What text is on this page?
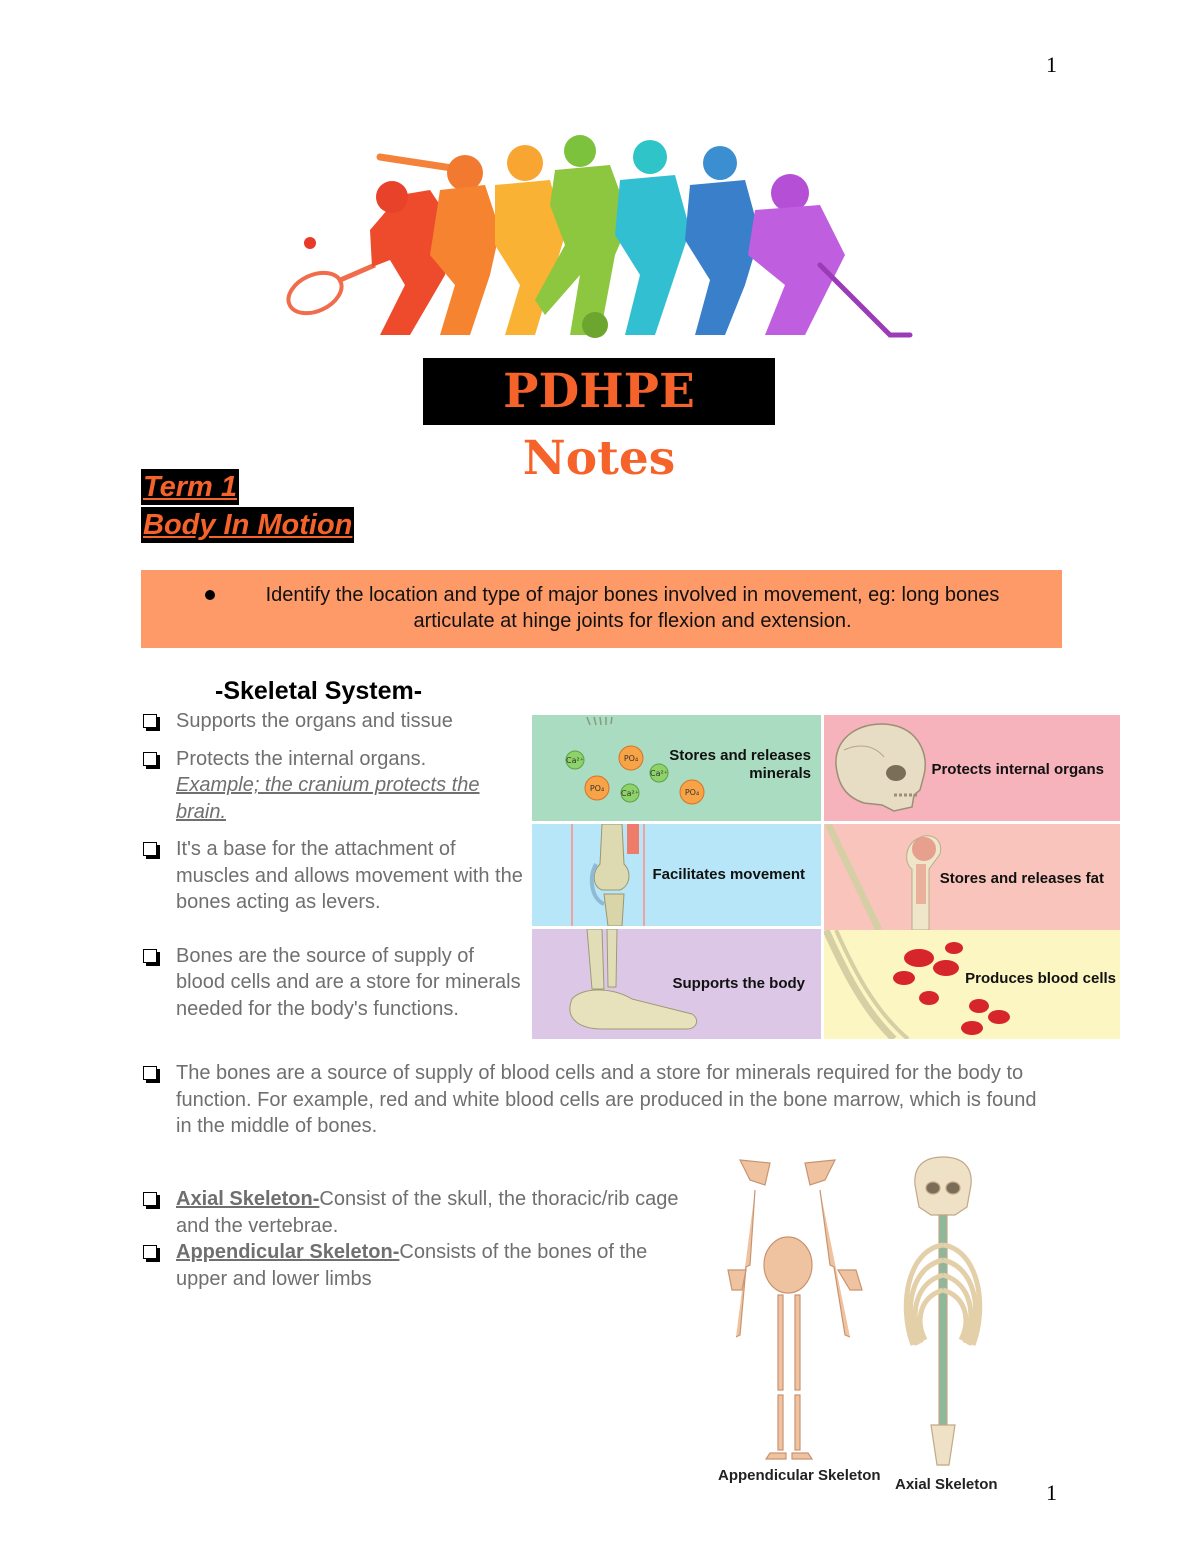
1
1
PDHPE Notes
Term 1
Body In Motion
Identify the location and type of major bones involved in movement, eg: long bones articulate at hinge joints for flexion and extension.
-Skeletal System-
Supports the organs and tissue
Protects the internal organs.
Example; the cranium protects the brain.
It's a base for the attachment of muscles and allows movement with the bones acting as levers.
Bones are the source of supply of blood cells and are a store for minerals needed for the body's functions.
The bones are a source of supply of blood cells and a store for minerals required for the body to function. For example, red and white blood cells are produced in the bone marrow, which is found in the middle of bones.
Axial Skeleton-Consist of the skull, the thoracic/rib cage and the vertebrae.
Appendicular Skeleton-Consists of the bones of the upper and lower limbs
Ca²⁺	PO₄
PO₄
Ca²⁺
PO₄
Ca²⁺
Stores and releases minerals	Protects internal organs
Facilitates movement	Stores and releases fat
Supports the body	Produces blood cells
Appendicular Skeleton
Axial Skeleton
